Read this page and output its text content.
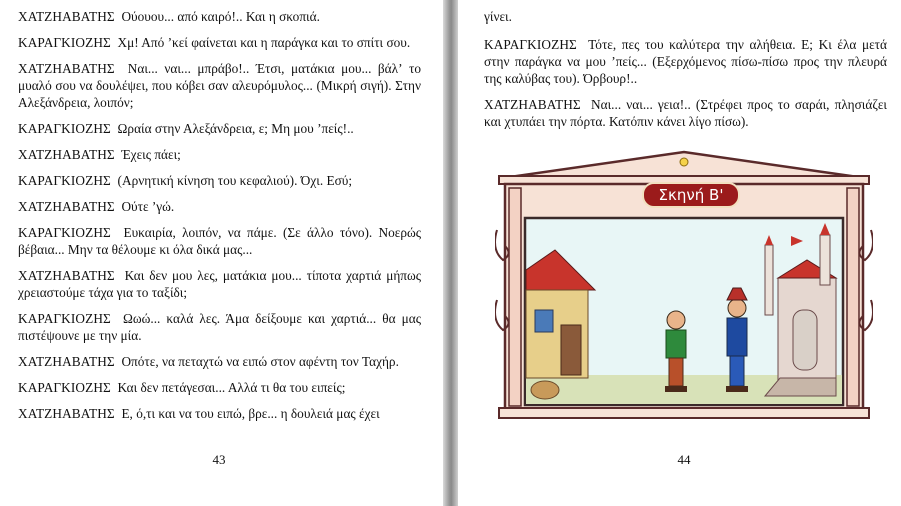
ΧΑΤΖΗΑΒΑΤΗΣ Ούουου... από καιρό!.. Και η σκοπιά.

ΚΑΡΑΓΚΙΟΖΗΣ Χμ! Από ʼκεί φαίνεται και η παράγκα και το σπίτι σου.

ΧΑΤΖΗΑΒΑΤΗΣ Ναι... ναι... μπράβο!.. Έτσι, ματάκια μου... βάλʼ το μυαλό σου να δουλέψει, που κόβει σαν αλευρόμυλος... (Μικρή σιγή). Στην Αλεξάνδρεια, λοιπόν;

ΚΑΡΑΓΚΙΟΖΗΣ Ωραία στην Αλεξάνδρεια, ε; Μη μου ʼπείς!..

ΧΑΤΖΗΑΒΑΤΗΣ Έχεις πάει;

ΚΑΡΑΓΚΙΟΖΗΣ (Αρνητική κίνηση του κεφαλιού). Όχι. Εσύ;

ΧΑΤΖΗΑΒΑΤΗΣ Ούτε ʼγώ.

ΚΑΡΑΓΚΙΟΖΗΣ Ευκαιρία, λοιπόν, να πάμε. (Σε άλλο τόνο). Νοερώς βέβαια... Μην τα θέλουμε κι όλα δικά μας...

ΧΑΤΖΗΑΒΑΤΗΣ Και δεν μου λες, ματάκια μου... τίποτα χαρτιά μήπως χρειαστούμε τάχα για το ταξίδι;

ΚΑΡΑΓΚΙΟΖΗΣ Ωωώ... καλά λες. Άμα δείξουμε και χαρτιά... θα μας πιστέψουνε με την μία.

ΧΑΤΖΗΑΒΑΤΗΣ Οπότε, να πεταχτώ να ειπώ στον αφέντη τον Ταχήρ.

ΚΑΡΑΓΚΙΟΖΗΣ Και δεν πετάγεσαι... Αλλά τι θα του ειπείς;

ΧΑΤΖΗΑΒΑΤΗΣ Ε, ό,τι και να του ειπώ, βρε... η δουλειά μας έχει

43

γίνει.

ΚΑΡΑΓΚΙΟΖΗΣ Τότε, πες του καλύτερα την αλήθεια. Ε; Κι έλα μετά στην παράγκα να μου ʼπείς... (Εξερχόμενος πίσω-πίσω προς την πλευρά της καλύβας του). Όρβουρ!..

ΧΑΤΖΗΑΒΑΤΗΣ Ναι... ναι... γεια!.. (Στρέφει προς το σαράι, πλησιάζει και χτυπάει την πόρτα. Κατόπιν κάνει λίγο πίσω).

Σκηνή Β'
44
